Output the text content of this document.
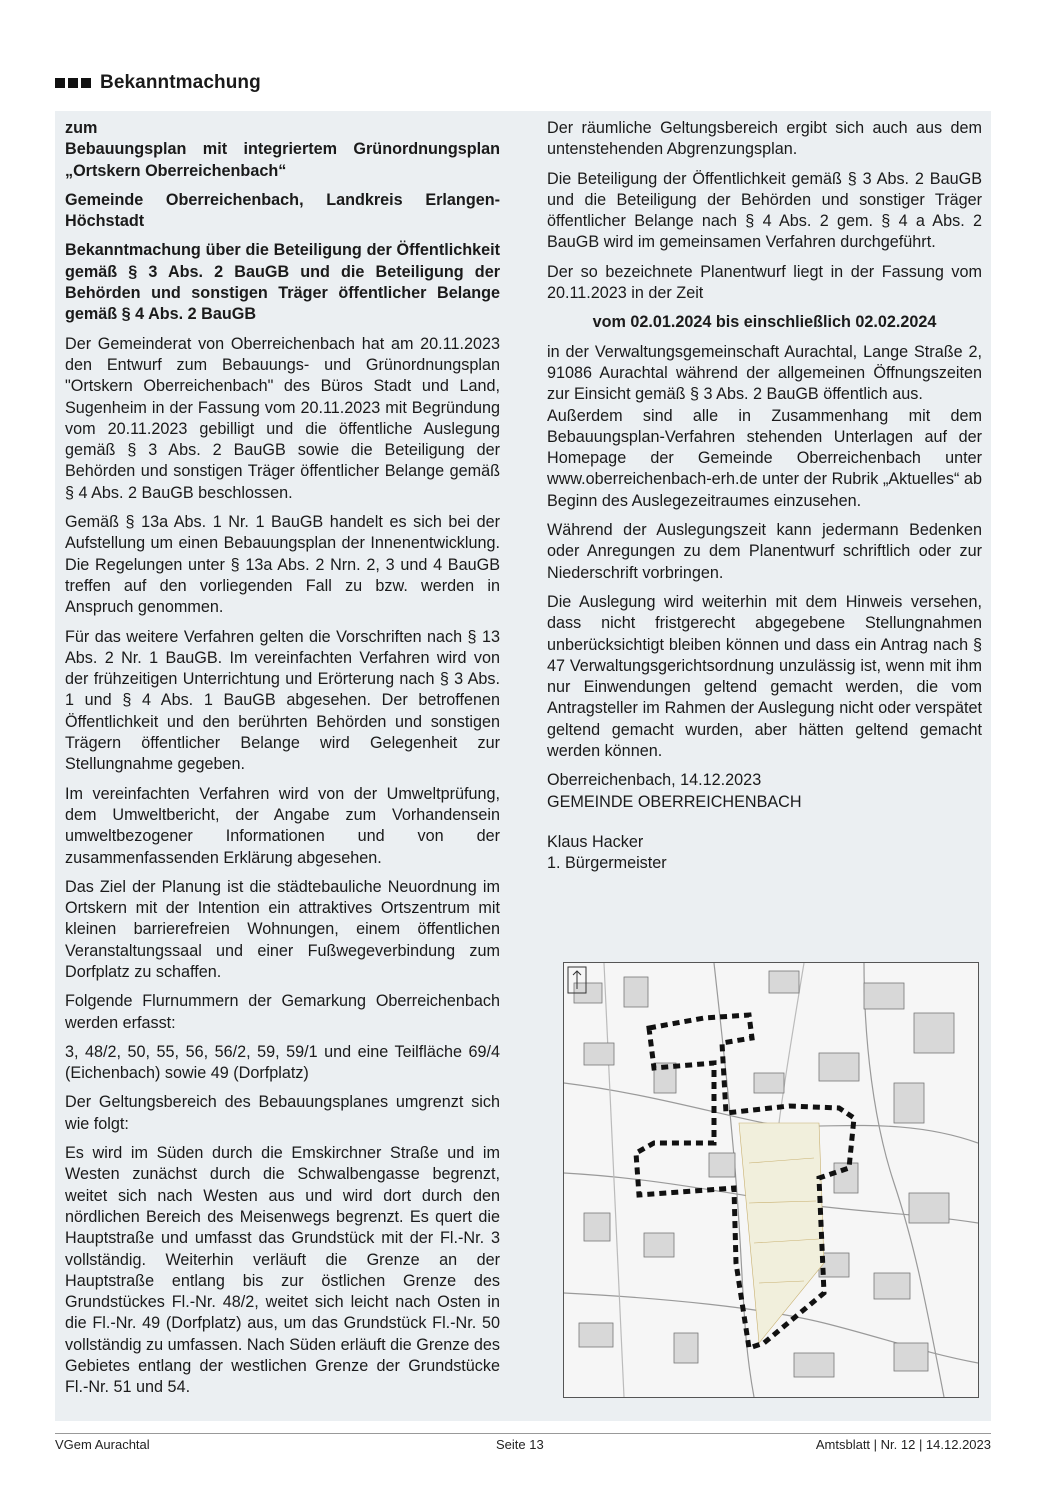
Bekanntmachung

zum

Bebauungsplan mit integriertem Grünordnungsplan „Ortskern Oberreichenbach“

Gemeinde Oberreichenbach, Landkreis Erlangen-Höchstadt

Bekanntmachung über die Beteiligung der Öffentlichkeit gemäß § 3 Abs. 2 BauGB und die Beteiligung der Behörden und sonstigen Träger öffentlicher Belange gemäß § 4 Abs. 2 BauGB

Der Gemeinderat von Oberreichenbach hat am 20.11.2023 den Entwurf zum Bebauungs- und Grünordnungsplan "Ortskern Oberreichenbach" des Büros Stadt und Land, Sugenheim in der Fassung vom 20.11.2023 mit Begründung vom 20.11.2023 gebilligt und die öffentliche Auslegung gemäß § 3 Abs. 2 BauGB sowie die Beteiligung der Behörden und sonstigen Träger öffentlicher Belange gemäß § 4 Abs. 2 BauGB beschlossen.

Gemäß § 13a Abs. 1 Nr. 1 BauGB handelt es sich bei der Aufstellung um einen Bebauungsplan der Innenentwicklung. Die Regelungen unter § 13a Abs. 2 Nrn. 2, 3 und 4 BauGB treffen auf den vorliegenden Fall zu bzw. werden in Anspruch genommen.

Für das weitere Verfahren gelten die Vorschriften nach § 13 Abs. 2 Nr. 1 BauGB. Im vereinfachten Verfahren wird von der frühzeitigen Unterrichtung und Erörterung nach § 3 Abs. 1 und § 4 Abs. 1 BauGB abgesehen. Der betroffenen Öffentlichkeit und den berührten Behörden und sonstigen Trägern öffentlicher Belange wird Gelegenheit zur Stellungnahme gegeben.

Im vereinfachten Verfahren wird von der Umweltprüfung, dem Umweltbericht, der Angabe zum Vorhandensein umweltbezogener Informationen und von der zusammenfassenden Erklärung abgesehen.

Das Ziel der Planung ist die städtebauliche Neuordnung im Ortskern mit der Intention ein attraktives Ortszentrum mit kleinen barrierefreien Wohnungen, einem öffentlichen Veranstaltungssaal und einer Fußwegeverbindung zum Dorfplatz zu schaffen.

Folgende Flurnummern der Gemarkung Oberreichenbach werden erfasst:

3, 48/2, 50, 55, 56, 56/2, 59, 59/1 und eine Teilfläche 69/4 (Eichenbach) sowie 49 (Dorfplatz)

Der Geltungsbereich des Bebauungsplanes umgrenzt sich wie folgt:

Es wird im Süden durch die Emskirchner Straße und im Westen zunächst durch die Schwalbengasse begrenzt, weitet sich nach Westen aus und wird dort durch den nördlichen Bereich des Meisenwegs begrenzt. Es quert die Hauptstraße und umfasst das Grundstück mit der Fl.-Nr. 3 vollständig. Weiterhin verläuft die Grenze an der Hauptstraße entlang bis zur östlichen Grenze des Grundstückes Fl.-Nr. 48/2, weitet sich leicht nach Osten in die Fl.-Nr. 49 (Dorfplatz) aus, um das Grundstück Fl.-Nr. 50 vollständig zu umfassen. Nach Süden erläuft die Grenze des Gebietes entlang der westlichen Grenze der Grundstücke Fl.-Nr. 51 und 54.

Der räumliche Geltungsbereich ergibt sich auch aus dem untenstehenden Abgrenzungsplan.

Die Beteiligung der Öffentlichkeit gemäß § 3 Abs. 2 BauGB und die Beteiligung der Behörden und sonstiger Träger öffentlicher Belange nach § 4 Abs. 2 gem. § 4 a Abs. 2 BauGB wird im gemeinsamen Verfahren durchgeführt.

Der so bezeichnete Planentwurf liegt in der Fassung vom 20.11.2023 in der Zeit

vom 02.01.2024 bis einschließlich 02.02.2024

in der Verwaltungsgemeinschaft Aurachtal, Lange Straße 2, 91086 Aurachtal während der allgemeinen Öffnungszeiten zur Einsicht gemäß § 3 Abs. 2 BauGB öffentlich aus.

Außerdem sind alle in Zusammenhang mit dem Bebauungsplan-Verfahren stehenden Unterlagen auf der Homepage der Gemeinde Oberreichenbach unter www.oberreichenbach-erh.de unter der Rubrik „Aktuelles“ ab Beginn des Auslegezeitraumes einzusehen.

Während der Auslegungszeit kann jedermann Bedenken oder Anregungen zu dem Planentwurf schriftlich oder zur Niederschrift vorbringen.

Die Auslegung wird weiterhin mit dem Hinweis versehen, dass nicht fristgerecht abgegebene Stellungnahmen unberücksichtigt bleiben können und dass ein Antrag nach § 47 Verwaltungsgerichtsordnung unzulässig ist, wenn mit ihm nur Einwendungen geltend gemacht werden, die vom Antragsteller im Rahmen der Auslegung nicht oder verspätet geltend gemacht wurden, aber hätten geltend gemacht werden können.

Oberreichenbach, 14.12.2023

GEMEINDE OBERREICHENBACH

Klaus Hacker

1. Bürgermeister

VGem Aurachtal	Seite 13	Amtsblatt | Nr. 12 | 14.12.2023
